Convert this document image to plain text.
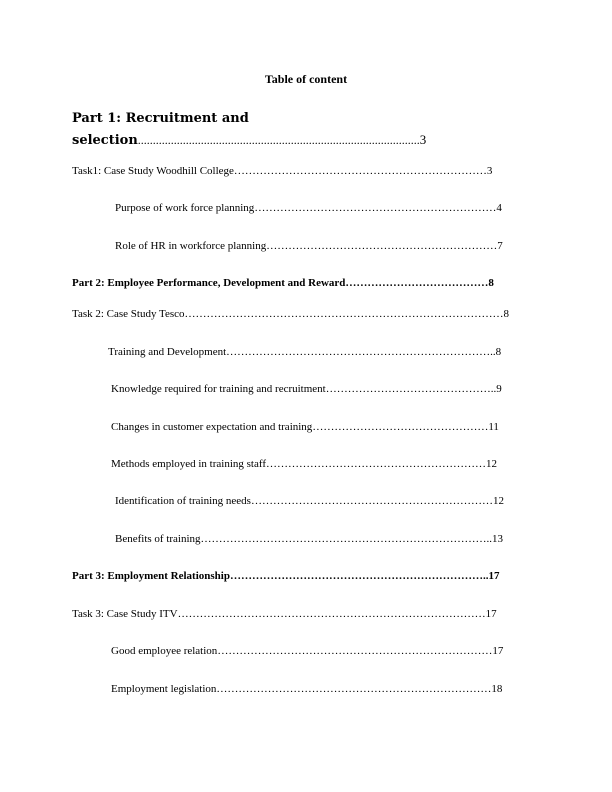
Table of content
Part 1: Recruitment and
selection..............................................................................................3
Task1: Case Study Woodhill College……………………………………………………………3
Purpose of work force planning…………………………………………………………4
Role of HR in workforce planning………………………………………………………7
Part 2: Employee Performance, Development and Reward…………………………………8
Task 2: Case Study Tesco……………………………………………………………………………8
Training and Development………………………………………………………………..8
Knowledge required for training and recruitment………………………………………..9
Changes in customer expectation and training…………………………………………11
Methods employed in training staff……………………………………………………12
Identification of training needs…………………………………………………………12
Benefits of training……………………………………………………………………..13
Part 3: Employment Relationship……………………………………………………………..17
Task 3: Case Study ITV…………………………………………………………………………17
Good employee relation…………………………………………………………………17
Employment legislation…………………………………………………………………18
